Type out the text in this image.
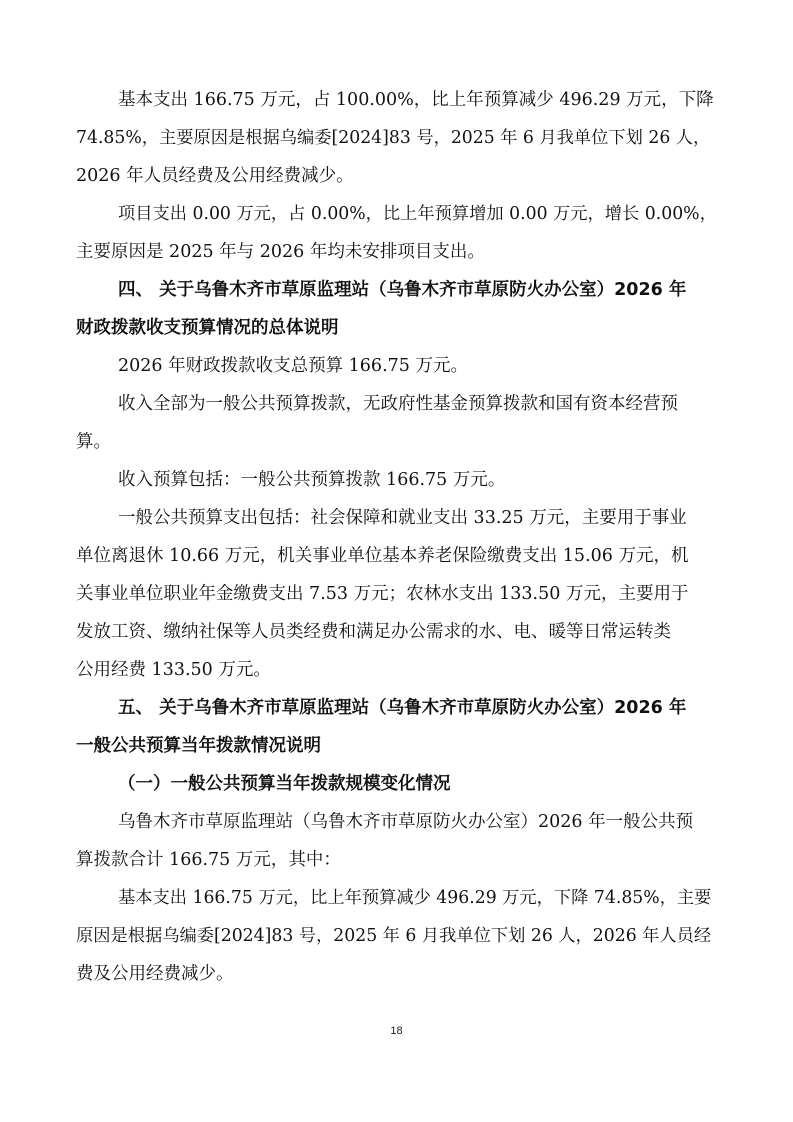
基本支出 166.75 万元，占 100.00%，比上年预算减少 496.29 万元，下降
74.85%，主要原因是根据乌编委[2024]83 号，2025 年 6 月我单位下划 26 人，
2026 年人员经费及公用经费减少。
项目支出 0.00 万元，占 0.00%，比上年预算增加 0.00 万元，增长 0.00%，
主要原因是 2025 年与 2026 年均未安排项目支出。
四、 关于乌鲁木齐市草原监理站（乌鲁木齐市草原防火办公室）2026 年
财政拨款收支预算情况的总体说明
2026 年财政拨款收支总预算 166.75 万元。
收入全部为一般公共预算拨款，无政府性基金预算拨款和国有资本经营预
算。
收入预算包括：一般公共预算拨款 166.75 万元。
一般公共预算支出包括：社会保障和就业支出 33.25 万元，主要用于事业
单位离退休 10.66 万元，机关事业单位基本养老保险缴费支出 15.06 万元，机
关事业单位职业年金缴费支出 7.53 万元；农林水支出 133.50 万元，主要用于
发放工资、缴纳社保等人员类经费和满足办公需求的水、电、暖等日常运转类
公用经费 133.50 万元。
五、 关于乌鲁木齐市草原监理站（乌鲁木齐市草原防火办公室）2026 年
一般公共预算当年拨款情况说明
（一）一般公共预算当年拨款规模变化情况
乌鲁木齐市草原监理站（乌鲁木齐市草原防火办公室）2026 年一般公共预
算拨款合计 166.75 万元，其中：
基本支出 166.75 万元，比上年预算减少 496.29 万元，下降 74.85%，主要
原因是根据乌编委[2024]83 号，2025 年 6 月我单位下划 26 人，2026 年人员经
费及公用经费减少。
18
